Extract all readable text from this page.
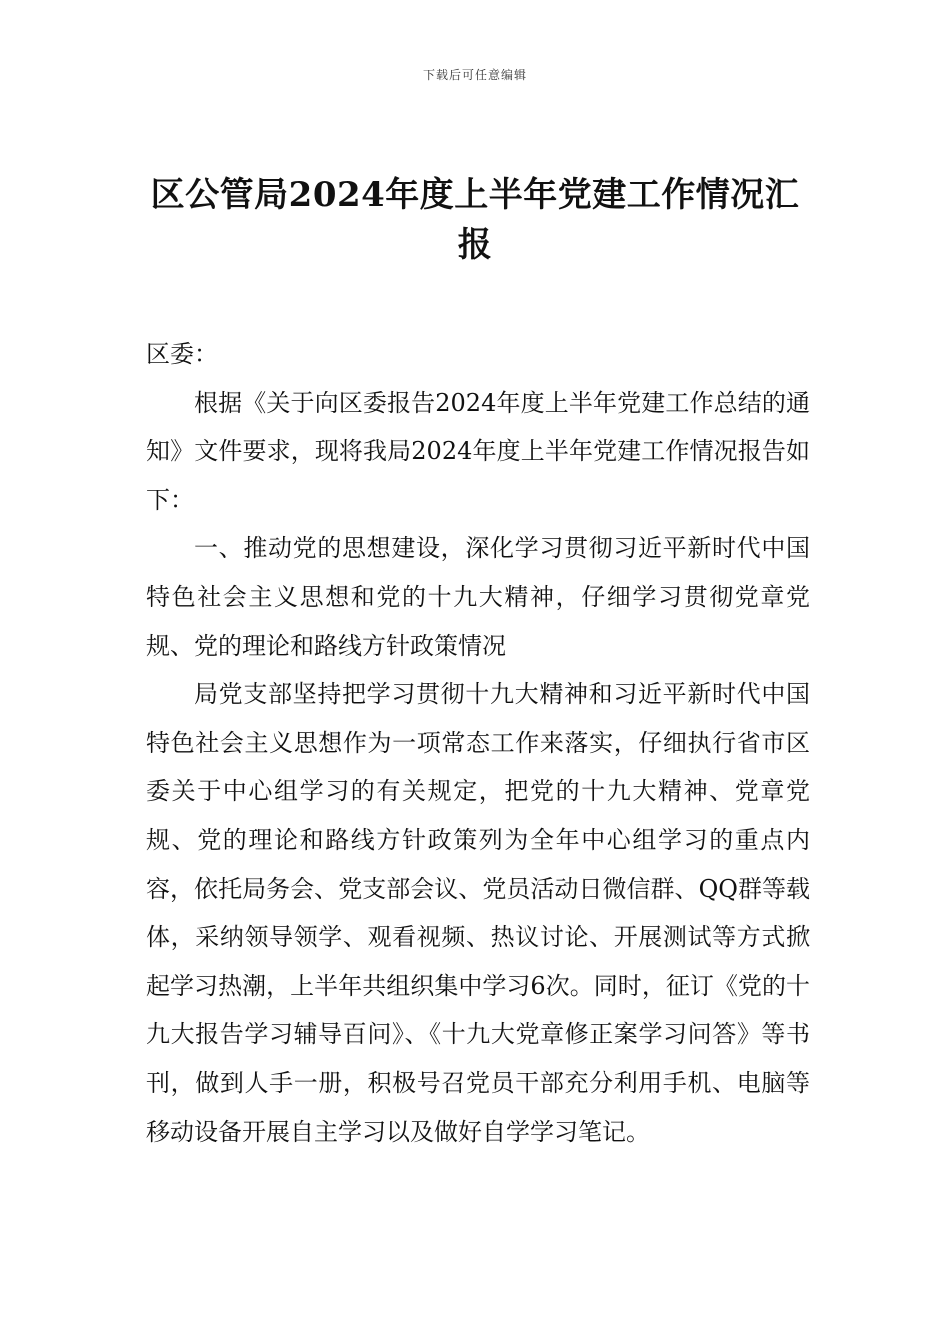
下载后可任意编辑
区公管局2024年度上半年党建工作情况汇报

区委：

根据《关于向区委报告2024年度上半年党建工作总结的通知》文件要求，现将我局2024年度上半年党建工作情况报告如下：

一、推动党的思想建设，深化学习贯彻习近平新时代中国特色社会主义思想和党的十九大精神，仔细学习贯彻党章党规、党的理论和路线方针政策情况

局党支部坚持把学习贯彻十九大精神和习近平新时代中国特色社会主义思想作为一项常态工作来落实，仔细执行省市区委关于中心组学习的有关规定，把党的十九大精神、党章党规、党的理论和路线方针政策列为全年中心组学习的重点内容，依托局务会、党支部会议、党员活动日微信群、QQ群等载体，采纳领导领学、观看视频、热议讨论、开展测试等方式掀起学习热潮，上半年共组织集中学习6次。同时，征订《党的十九大报告学习辅导百问》、《十九大党章修正案学习问答》等书刊，做到人手一册，积极号召党员干部充分利用手机、电脑等移动设备开展自主学习以及做好自学学习笔记。
